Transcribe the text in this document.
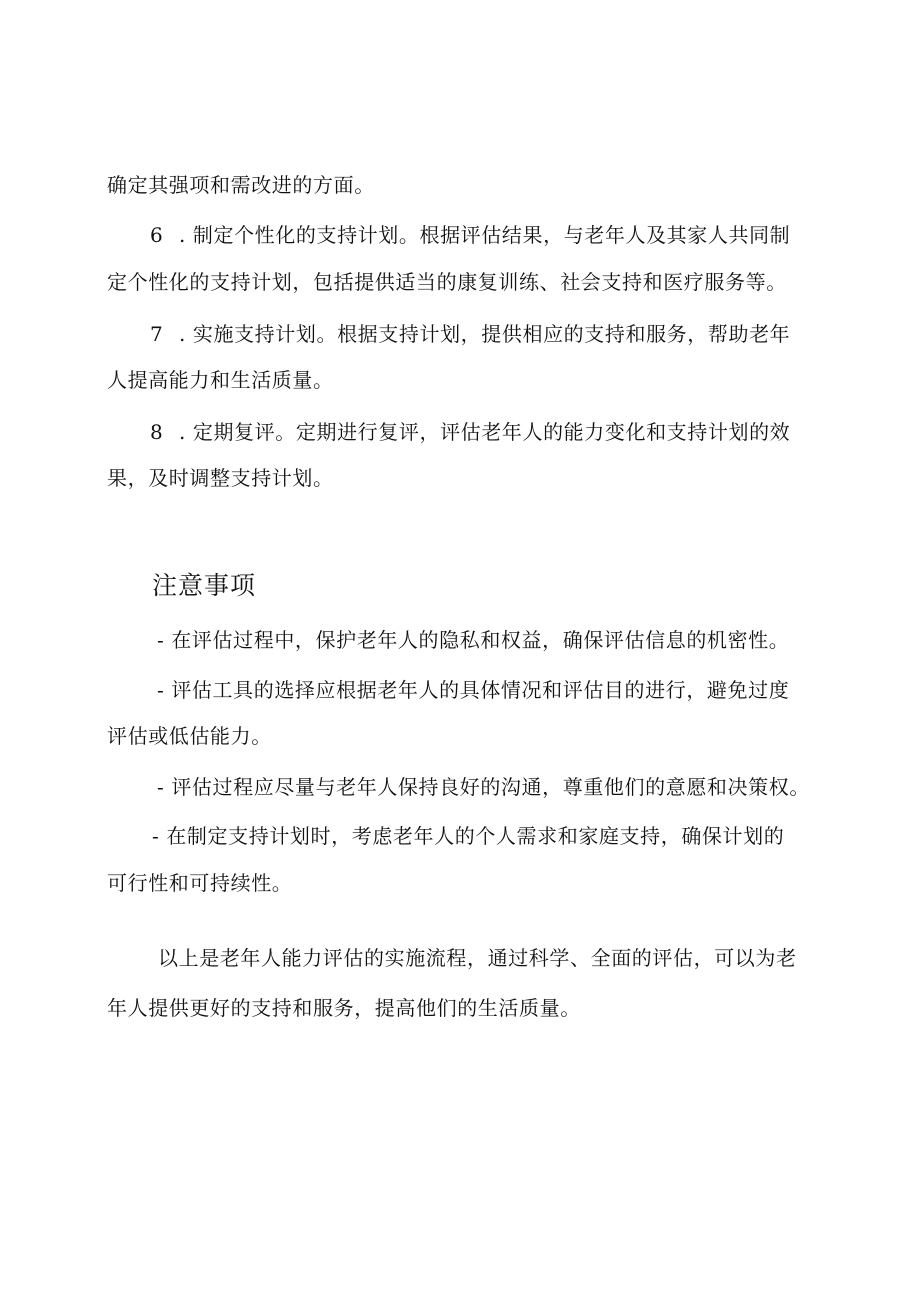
确定其强项和需改进的方面。
6 . 制定个性化的支持计划。根据评估结果，与老年人及其家人共同制
定个性化的支持计划，包括提供适当的康复训练、社会支持和医疗服务等。
7 . 实施支持计划。根据支持计划，提供相应的支持和服务，帮助老年
人提高能力和生活质量。
8 . 定期复评。定期进行复评，评估老年人的能力变化和支持计划的效
果，及时调整支持计划。
注意事项
- 在评估过程中，保护老年人的隐私和权益，确保评估信息的机密性。
- 评估工具的选择应根据老年人的具体情况和评估目的进行，避免过度
评估或低估能力。
- 评估过程应尽量与老年人保持良好的沟通，尊重他们的意愿和决策权。
- 在制定支持计划时，考虑老年人的个人需求和家庭支持，确保计划的
可行性和可持续性。
以上是老年人能力评估的实施流程，通过科学、全面的评估，可以为老
年人提供更好的支持和服务，提高他们的生活质量。
